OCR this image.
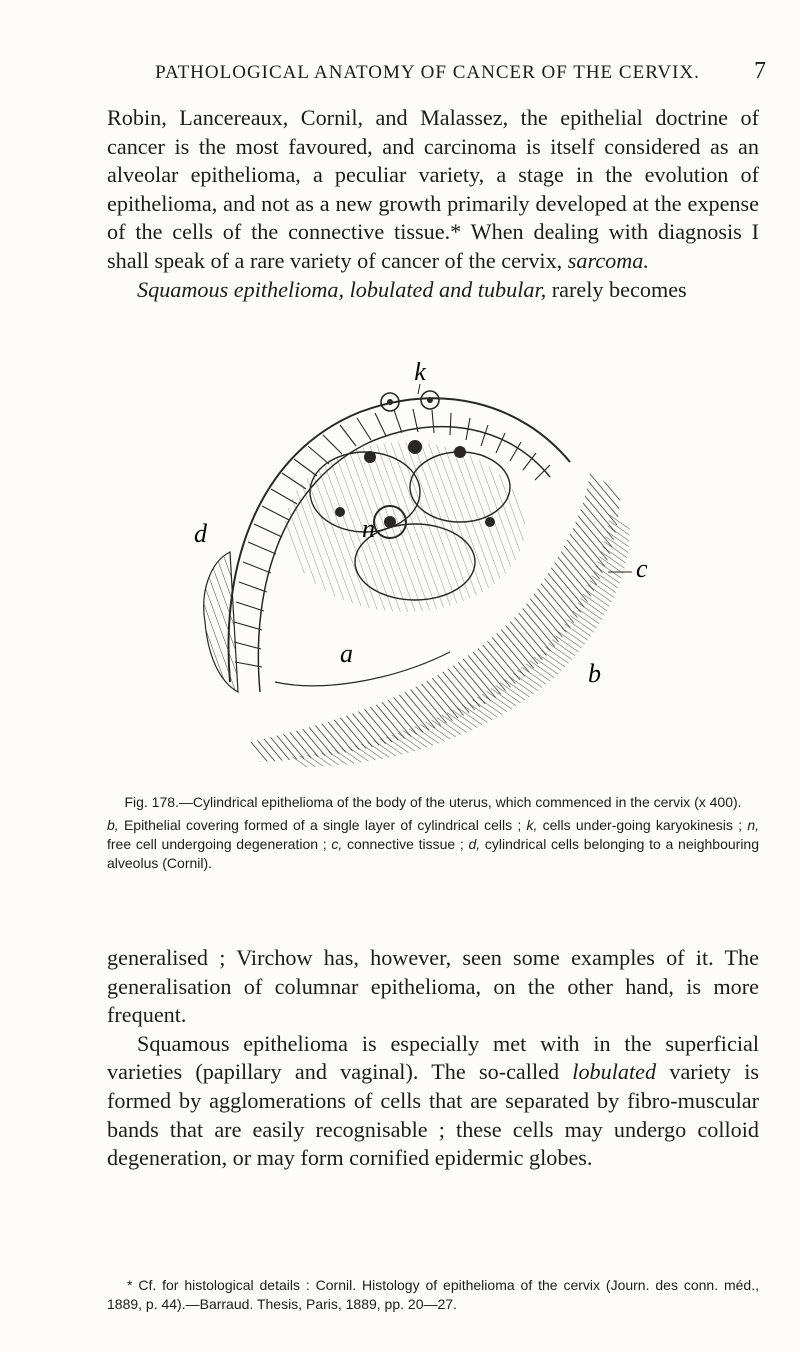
PATHOLOGICAL ANATOMY OF CANCER OF THE CERVIX.	7

Robin, Lancereaux, Cornil, and Malassez, the epithelial doctrine of cancer is the most favoured, and carcinoma is itself considered as an alveolar epithelioma, a peculiar variety, a stage in the evolution of epithelioma, and not as a new growth primarily developed at the expense of the cells of the connective tissue.* When dealing with diagnosis I shall speak of a rare variety of cancer of the cervix, sarcoma.

Squamous epithelioma, lobulated and tubular, rarely becomes

k
d	n
c
a
b
Fig. 178.—Cylindrical epithelioma of the body of the uterus, which commenced in the cervix (x 400).
b, Epithelial covering formed of a single layer of cylindrical cells ; k, cells under-going karyokinesis ; n, free cell undergoing degeneration ; c, connective tissue ; d, cylindrical cells belonging to a neighbouring alveolus (Cornil).

generalised ; Virchow has, however, seen some examples of it. The generalisation of columnar epithelioma, on the other hand, is more frequent.

Squamous epithelioma is especially met with in the superficial varieties (papillary and vaginal). The so-called lobulated variety is formed by agglomerations of cells that are separated by fibro-muscular bands that are easily recognisable ; these cells may undergo colloid degeneration, or may form cornified epidermic globes.

* Cf. for histological details : Cornil. Histology of epithelioma of the cervix (Journ. des conn. méd., 1889, p. 44).—Barraud. Thesis, Paris, 1889, pp. 20—27.
